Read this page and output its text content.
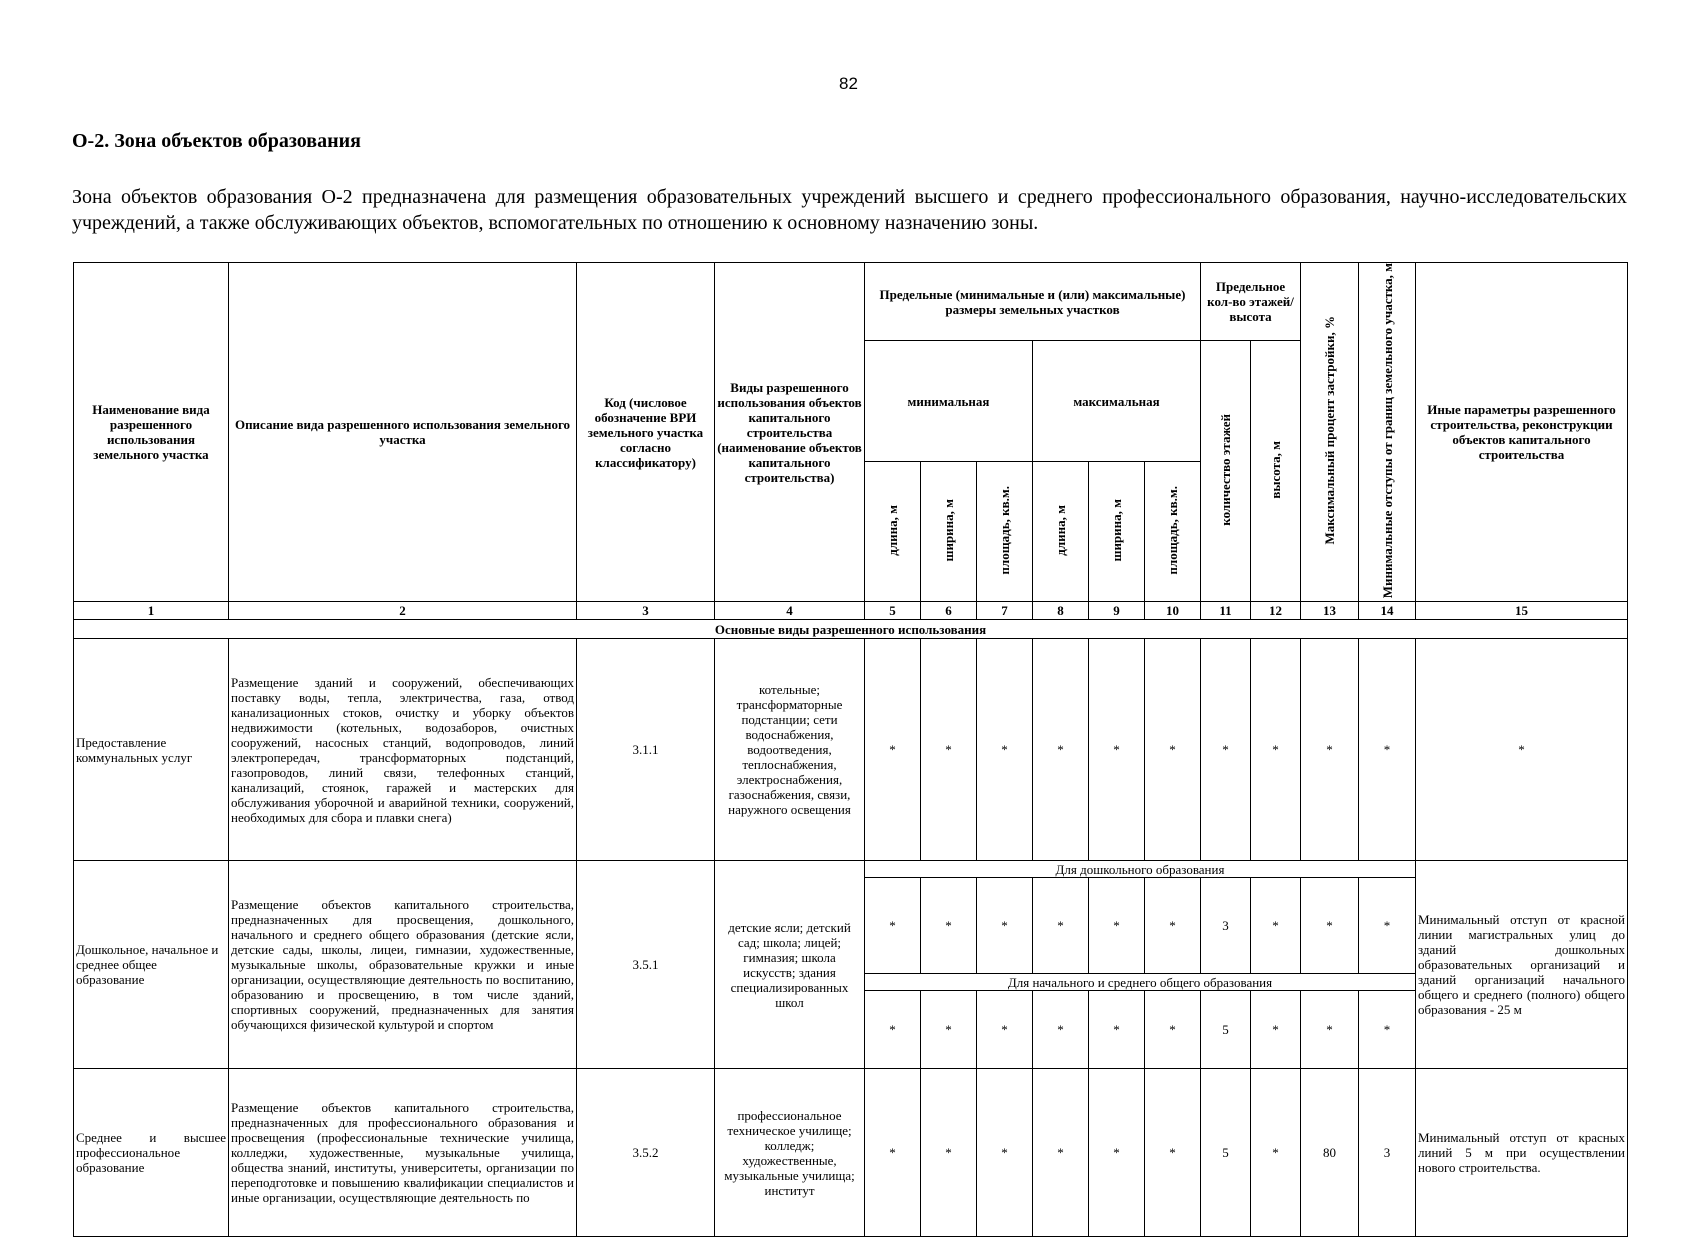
82
О-2. Зона объектов образования
Зона объектов образования О-2 предназначена для размещения образовательных учреждений высшего и среднего профессионального образования, научно-исследовательских учреждений, а также обслуживающих объектов, вспомогательных по отношению к основному назначению зоны.
Наименование вида разрешенного использования земельного участка	Описание вида разрешенного использования земельного участка	Код (числовое обозначение ВРИ земельного участка согласно классификатору)	Виды разрешенного использования объектов капитального строительства (наименование объектов капитального строительства)	Предельные (минимальные и (или) максимальные) размеры земельных участков						Предельное кол-во этажей/ высота		Максимальный процент застройки, %	Минимальные отступы от границ земельного участка, м	Иные параметры разрешенного строительства, реконструкции объектов капитального строительства
				минимальная			максимальная			количество этажей	высота, м			
				длина, м	ширина, м	площадь, кв.м.	длина, м	ширина, м	площадь, кв.м.					
1	2	3	4	5	6	7	8	9	10	11	12	13	14	15
Основные виды разрешенного использования														
Предоставление коммунальных услуг	Размещение зданий и сооружений, обеспечивающих поставку воды, тепла, электричества, газа, отвод канализационных стоков, очистку и уборку объектов недвижимости (котельных, водозаборов, очистных сооружений, насосных станций, водопроводов, линий электропередач, трансформаторных подстанций, газопроводов, линий связи, телефонных станций, канализаций, стоянок, гаражей и мастерских для обслуживания уборочной и аварийной техники, сооружений, необходимых для сбора и плавки снега)	3.1.1	котельные; трансформаторные подстанции; сети водоснабжения, водоотведения, теплоснабжения, электроснабжения, газоснабжения, связи, наружного освещения	*	*	*	*	*	*	*	*	*	*	*
Дошкольное, начальное и среднее общее образование	Размещение объектов капитального строительства, предназначенных для просвещения, дошкольного, начального и среднего общего образования (детские ясли, детские сады, школы, лицеи, гимназии, художественные, музыкальные школы, образовательные кружки и иные организации, осуществляющие деятельность по воспитанию, образованию и просвещению, в том числе зданий, спортивных сооружений, предназначенных для занятия обучающихся физической культурой и спортом	3.5.1	детские ясли; детский сад; школа; лицей; гимназия; школа искусств; здания специализированных школ	Для дошкольного образования										Минимальный отступ от красной линии магистральных улиц до зданий дошкольных образовательных организаций и зданий организаций начального общего и среднего (полного) общего образования - 25 м
				*	*	*	*	*	*	3	*	*	*	
				Для начального и среднего общего образования										
				*	*	*	*	*	*	5	*	*	*	
Среднее и высшее профессиональное образование	Размещение объектов капитального строительства, предназначенных для профессионального образования и просвещения (профессиональные технические училища, колледжи, художественные, музыкальные училища, общества знаний, институты, университеты, организации по переподготовке и повышению квалификации специалистов и иные организации, осуществляющие деятельность по	3.5.2	профессиональное техническое училище; колледж; художественные, музыкальные училища; институт	*	*	*	*	*	*	5	*	80	3	Минимальный отступ от красных линий 5 м при осуществлении нового строительства.
